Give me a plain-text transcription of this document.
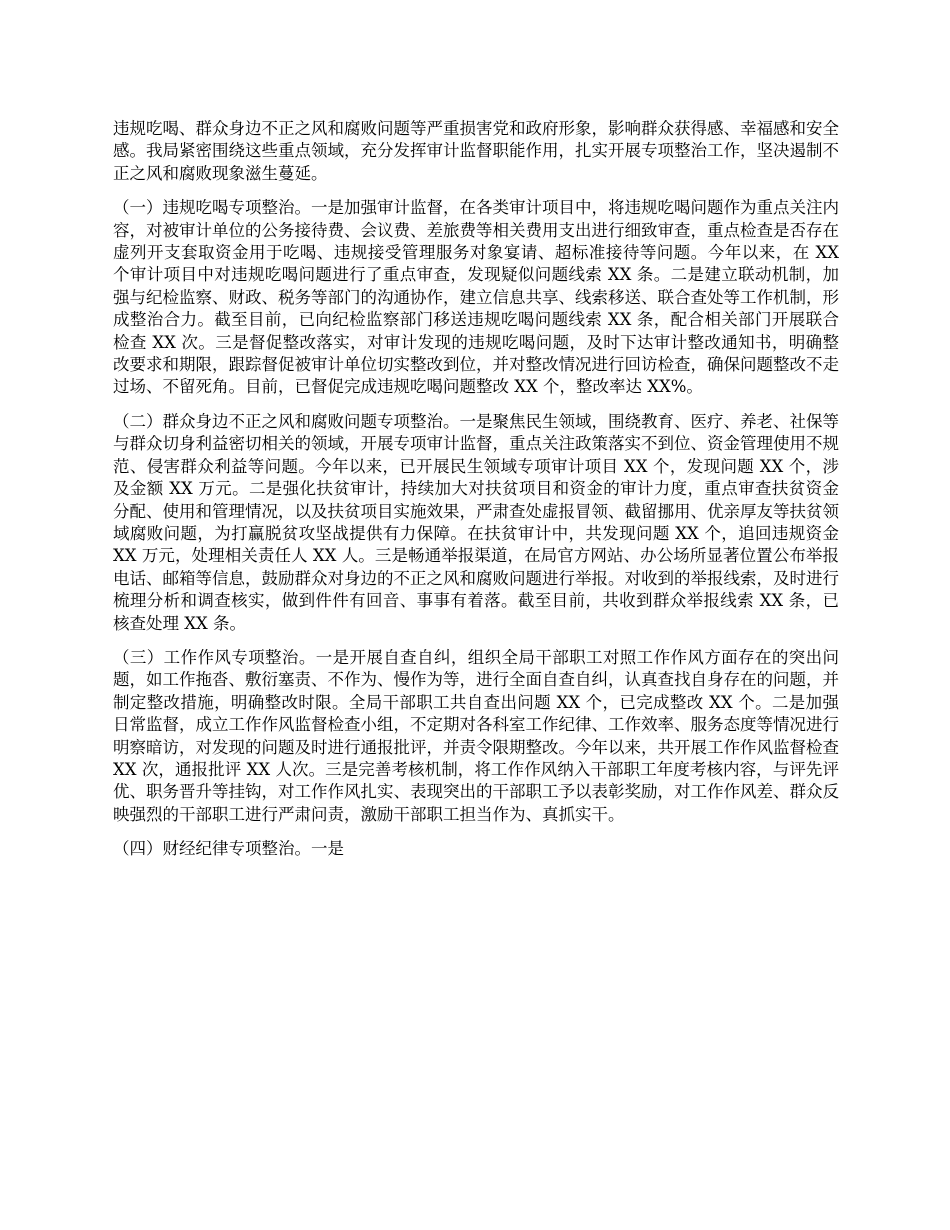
违规吃喝、群众身边不正之风和腐败问题等严重损害党和政府形象，影响群众获得感、幸福感和安全感。我局紧密围绕这些重点领域，充分发挥审计监督职能作用，扎实开展专项整治工作，坚决遏制不正之风和腐败现象滋生蔓延。

（一）违规吃喝专项整治。一是加强审计监督，在各类审计项目中，将违规吃喝问题作为重点关注内容，对被审计单位的公务接待费、会议费、差旅费等相关费用支出进行细致审查，重点检查是否存在虚列开支套取资金用于吃喝、违规接受管理服务对象宴请、超标准接待等问题。今年以来，在 XX 个审计项目中对违规吃喝问题进行了重点审查，发现疑似问题线索 XX 条。二是建立联动机制，加强与纪检监察、财政、税务等部门的沟通协作，建立信息共享、线索移送、联合查处等工作机制，形成整治合力。截至目前，已向纪检监察部门移送违规吃喝问题线索 XX 条，配合相关部门开展联合检查 XX 次。三是督促整改落实，对审计发现的违规吃喝问题，及时下达审计整改通知书，明确整改要求和期限，跟踪督促被审计单位切实整改到位，并对整改情况进行回访检查，确保问题整改不走过场、不留死角。目前，已督促完成违规吃喝问题整改 XX 个，整改率达 XX%。

（二）群众身边不正之风和腐败问题专项整治。一是聚焦民生领域，围绕教育、医疗、养老、社保等与群众切身利益密切相关的领域，开展专项审计监督，重点关注政策落实不到位、资金管理使用不规范、侵害群众利益等问题。今年以来，已开展民生领域专项审计项目 XX 个，发现问题 XX 个，涉及金额 XX 万元。二是强化扶贫审计，持续加大对扶贫项目和资金的审计力度，重点审查扶贫资金分配、使用和管理情况，以及扶贫项目实施效果，严肃查处虚报冒领、截留挪用、优亲厚友等扶贫领域腐败问题，为打赢脱贫攻坚战提供有力保障。在扶贫审计中，共发现问题 XX 个，追回违规资金 XX 万元，处理相关责任人 XX 人。三是畅通举报渠道，在局官方网站、办公场所显著位置公布举报电话、邮箱等信息，鼓励群众对身边的不正之风和腐败问题进行举报。对收到的举报线索，及时进行梳理分析和调查核实，做到件件有回音、事事有着落。截至目前，共收到群众举报线索 XX 条，已核查处理 XX 条。

（三）工作作风专项整治。一是开展自查自纠，组织全局干部职工对照工作作风方面存在的突出问题，如工作拖沓、敷衍塞责、不作为、慢作为等，进行全面自查自纠，认真查找自身存在的问题，并制定整改措施，明确整改时限。全局干部职工共自查出问题 XX 个，已完成整改 XX 个。二是加强日常监督，成立工作作风监督检查小组，不定期对各科室工作纪律、工作效率、服务态度等情况进行明察暗访，对发现的问题及时进行通报批评，并责令限期整改。今年以来，共开展工作作风监督检查 XX 次，通报批评 XX 人次。三是完善考核机制，将工作作风纳入干部职工年度考核内容，与评先评优、职务晋升等挂钩，对工作作风扎实、表现突出的干部职工予以表彰奖励，对工作作风差、群众反映强烈的干部职工进行严肃问责，激励干部职工担当作为、真抓实干。

（四）财经纪律专项整治。一是
